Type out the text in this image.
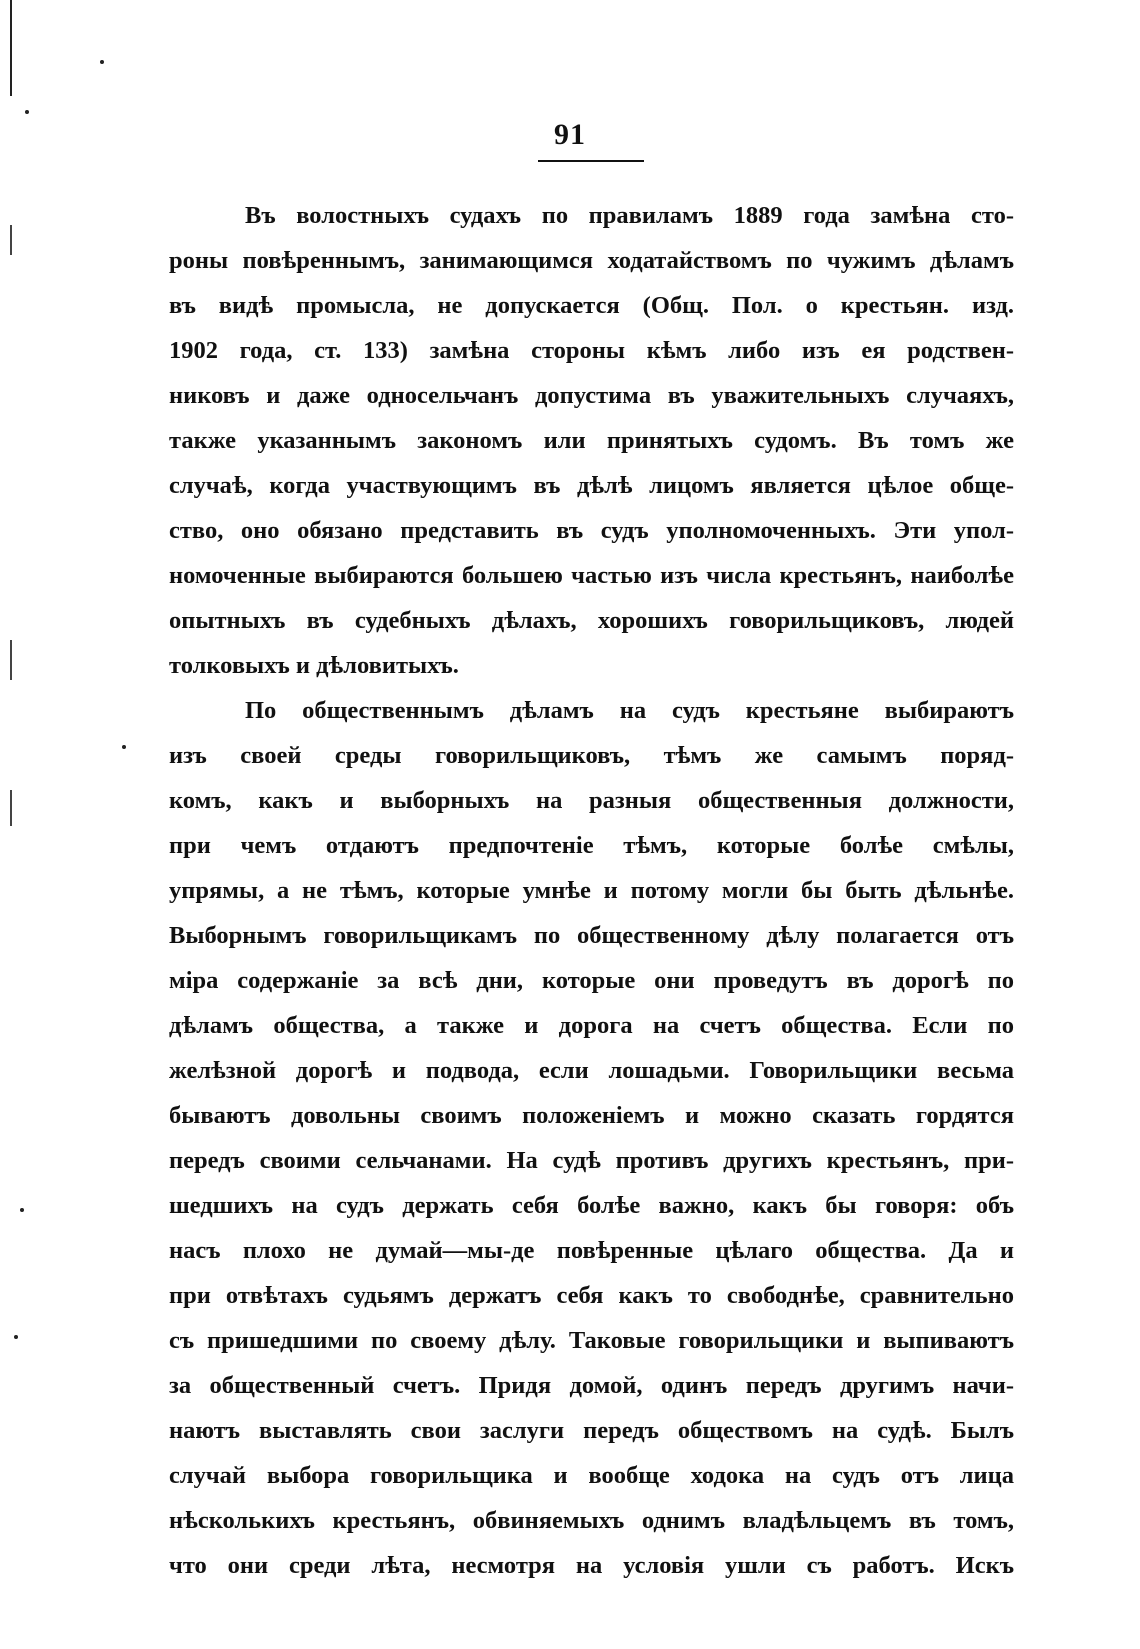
91
Въ волостныхъ судахъ по правиламъ 1889 года замѣна сто-
роны повѣреннымъ, занимающимся ходатайствомъ по чужимъ дѣламъ
въ видѣ промысла, не допускается (Общ. Пол. о крестьян. изд.
1902 года, ст. 133) замѣна стороны кѣмъ либо изъ ея родствен-
никовъ и даже односельчанъ допустима въ уважительныхъ случаяхъ,
также указаннымъ закономъ или принятыхъ судомъ. Въ томъ же
случаѣ, когда участвующимъ въ дѣлѣ лицомъ является цѣлое обще-
ство, оно обязано представить въ судъ уполномоченныхъ. Эти упол-
номоченные выбираются большею частью изъ числа крестьянъ, наиболѣе
опытныхъ въ судебныхъ дѣлахъ, хорошихъ говорильщиковъ, людей
толковыхъ и дѣловитыхъ.
По общественнымъ дѣламъ на судъ крестьяне выбираютъ
изъ своей среды говорильщиковъ, тѣмъ же самымъ поряд-
комъ, какъ и выборныхъ на разныя общественныя должности,
при чемъ отдаютъ предпочтеніе тѣмъ, которые болѣе смѣлы,
упрямы, а не тѣмъ, которые умнѣе и потому могли бы быть дѣльнѣе.
Выборнымъ говорильщикамъ по общественному дѣлу полагается отъ
міра содержаніе за всѣ дни, которые они проведутъ въ дорогѣ по
дѣламъ общества, а также и дорога на счетъ общества. Если по
желѣзной дорогѣ и подвода, если лошадьми. Говорильщики весьма
бываютъ довольны своимъ положеніемъ и можно сказать гордятся
передъ своими сельчанами. На судѣ противъ другихъ крестьянъ, при-
шедшихъ на судъ держать себя болѣе важно, какъ бы говоря: объ
насъ плохо не думай—мы-де повѣренные цѣлаго общества. Да и
при отвѣтахъ судьямъ держатъ себя какъ то свободнѣе, сравнительно
съ пришедшими по своему дѣлу. Таковые говорильщики и выпиваютъ
за общественный счетъ. Придя домой, одинъ передъ другимъ начи-
наютъ выставлять свои заслуги передъ обществомъ на судѣ. Былъ
случай выбора говорильщика и вообще ходока на судъ отъ лица
нѣсколькихъ крестьянъ, обвиняемыхъ однимъ владѣльцемъ въ томъ,
что они среди лѣта, несмотря на условія ушли съ работъ. Искъ
